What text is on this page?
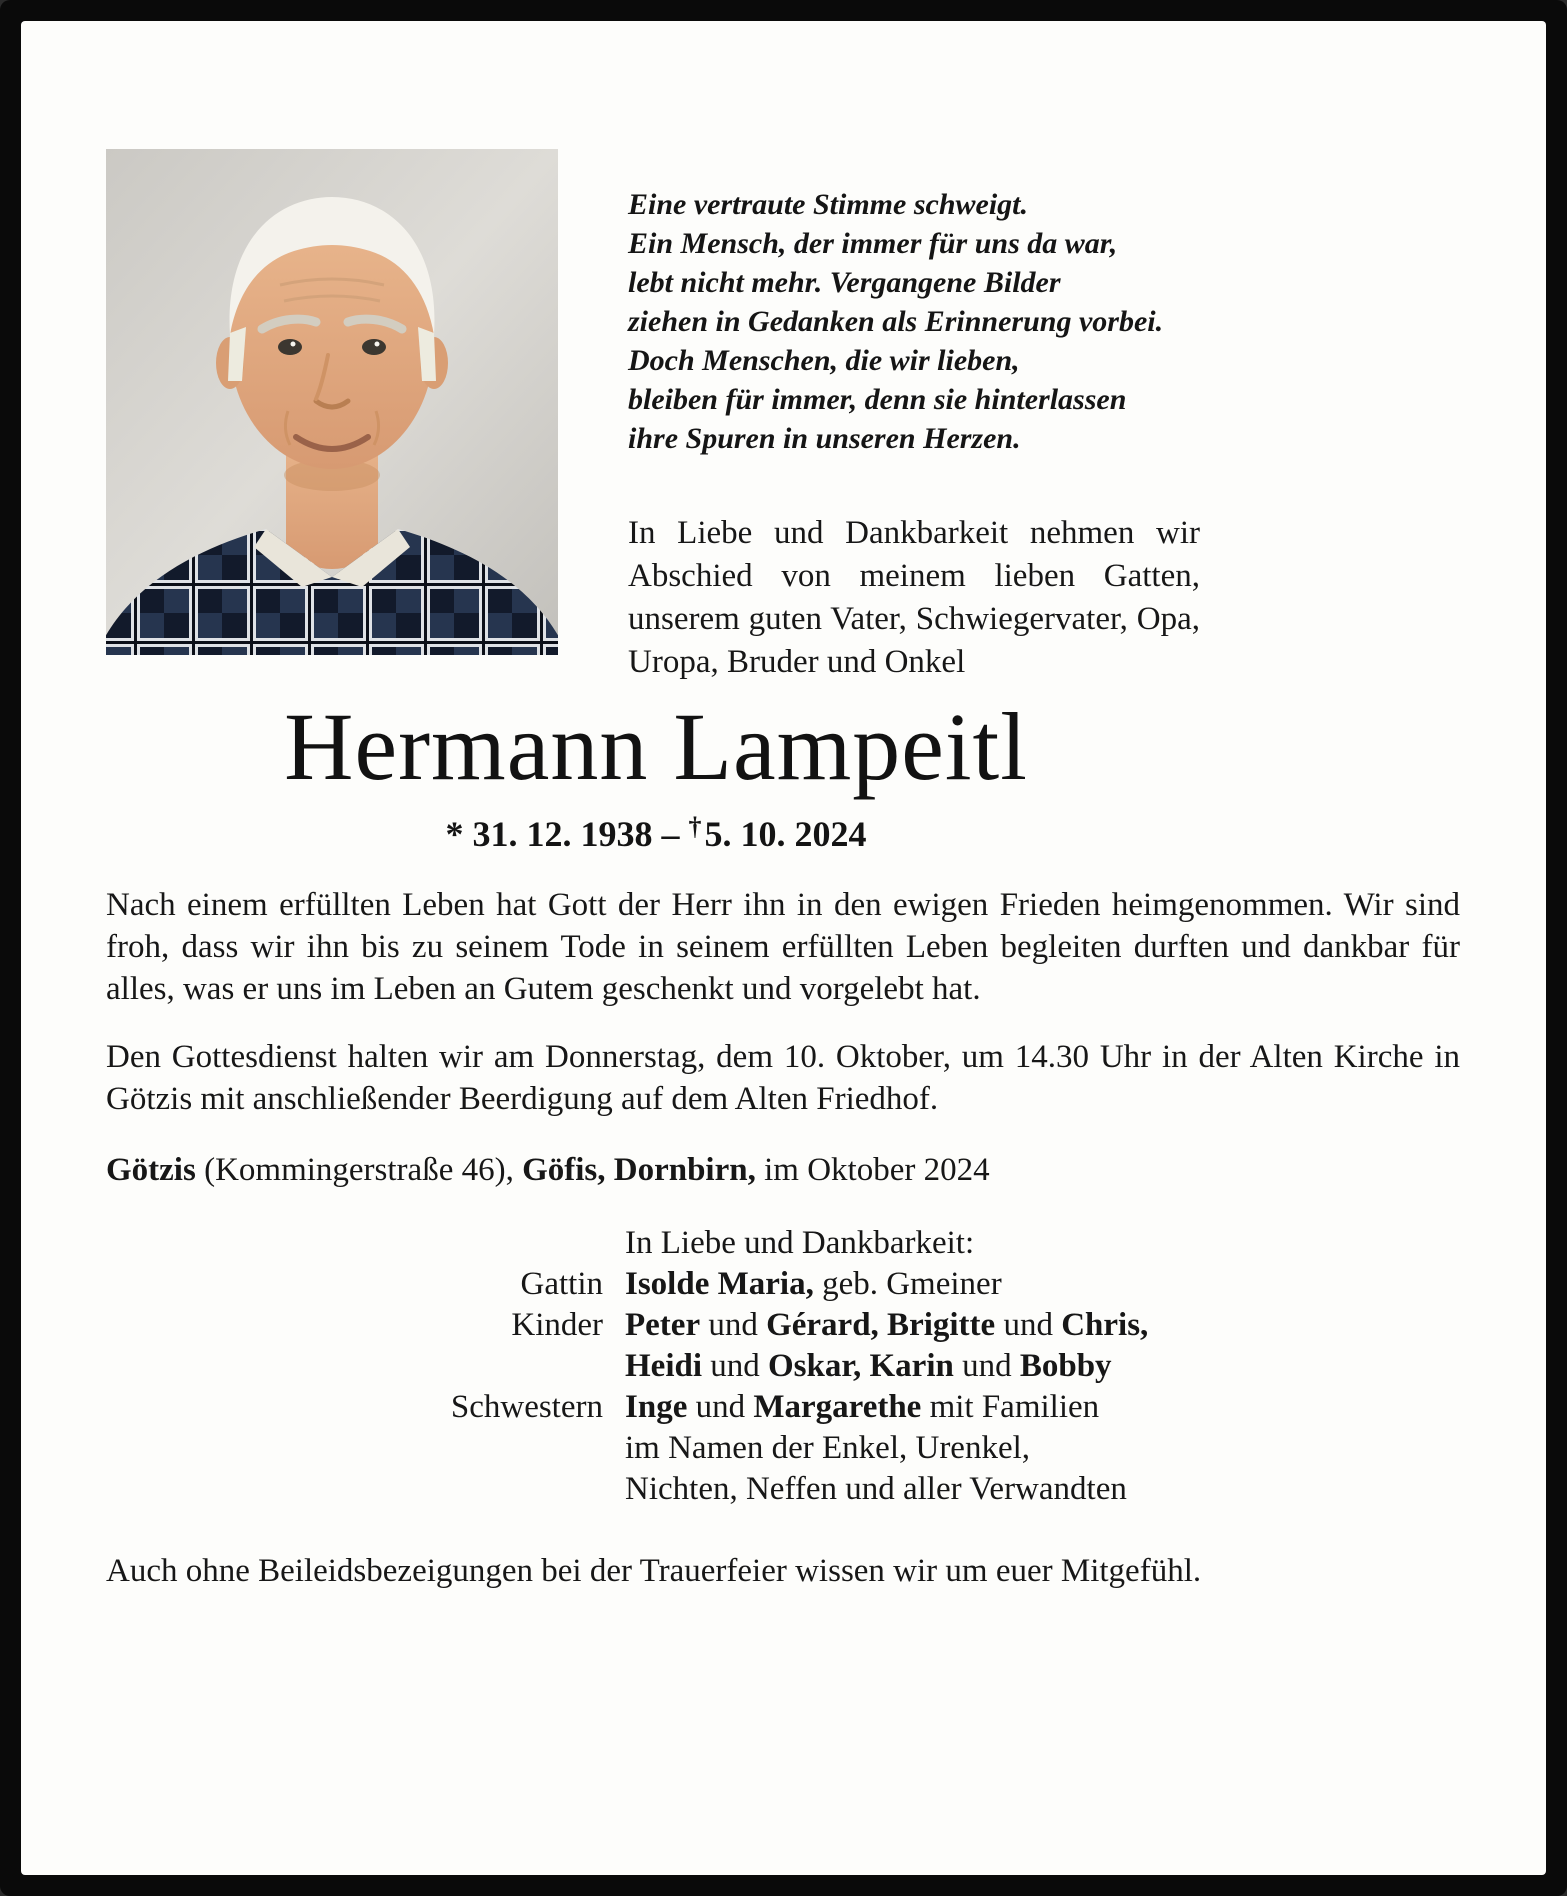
Eine vertraute Stimme schweigt.
Ein Mensch, der immer für uns da war,
lebt nicht mehr. Vergangene Bilder
ziehen in Gedanken als Erinnerung vorbei.
Doch Menschen, die wir lieben,
bleiben für immer, denn sie hinterlassen
ihre Spuren in unseren Herzen.
In Liebe und Dankbarkeit nehmen wir Abschied von meinem lieben Gatten, unserem guten Vater, Schwiegervater, Opa, Uropa, Bruder und Onkel
Hermann Lampeitl
* 31. 12. 1938 – †5. 10. 2024
Nach einem erfüllten Leben hat Gott der Herr ihn in den ewigen Frieden heimgenommen. Wir sind froh, dass wir ihn bis zu seinem Tode in seinem erfüllten Leben begleiten durften und dankbar für alles, was er uns im Leben an Gutem geschenkt und vorgelebt hat.
Den Gottesdienst halten wir am Donnerstag, dem 10. Oktober, um 14.30 Uhr in der Alten Kirche in Götzis mit anschließender Beerdigung auf dem Alten Friedhof.
Götzis (Kommingerstraße 46), Göfis, Dornbirn, im Oktober 2024
In Liebe und Dankbarkeit:
Gattin Isolde Maria, geb. Gmeiner
Kinder Peter und Gérard, Brigitte und Chris,
Heidi und Oskar, Karin und Bobby
Schwestern Inge und Margarethe mit Familien
im Namen der Enkel, Urenkel,
Nichten, Neffen und aller Verwandten
Auch ohne Beileidsbezeigungen bei der Trauerfeier wissen wir um euer Mitgefühl.
